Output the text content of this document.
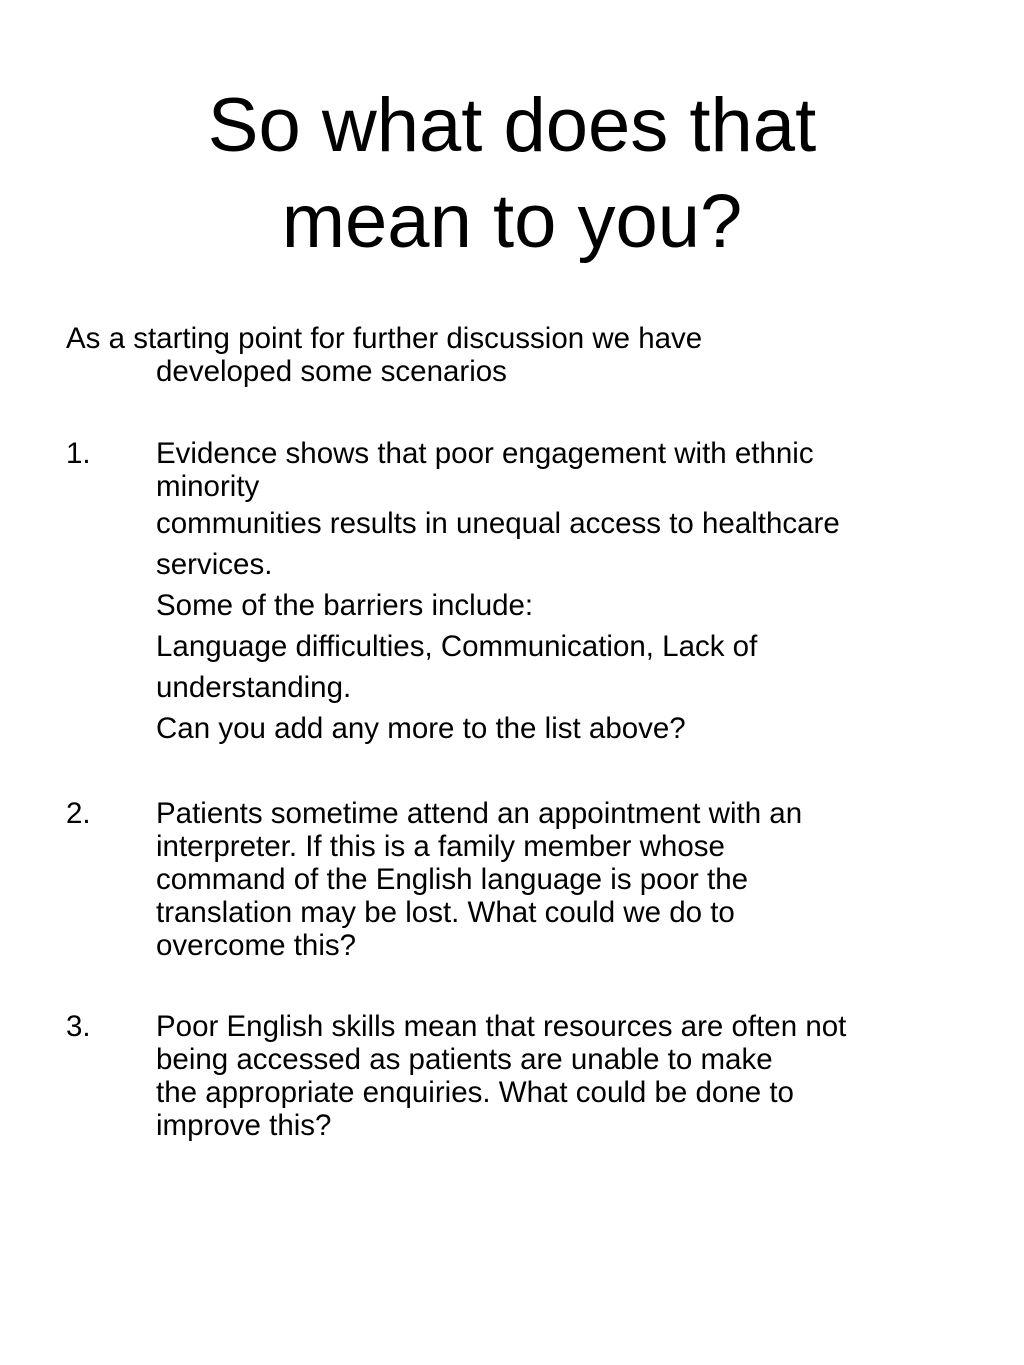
So what does that
mean to you?
As a starting point for further discussion we have
developed some scenarios
1. Evidence shows that poor engagement with ethnic
minority
communities results in unequal access to healthcare
services.
Some of the barriers include:
Language difficulties, Communication, Lack of
understanding.
Can you add any more to the list above?
2. Patients sometime attend an appointment with an
interpreter. If this is a family member whose
command of the English language is poor the
translation may be lost. What could we do to
overcome this?
3. Poor English skills mean that resources are often not
being accessed as patients are unable to make
the appropriate enquiries. What could be done to
improve this?
